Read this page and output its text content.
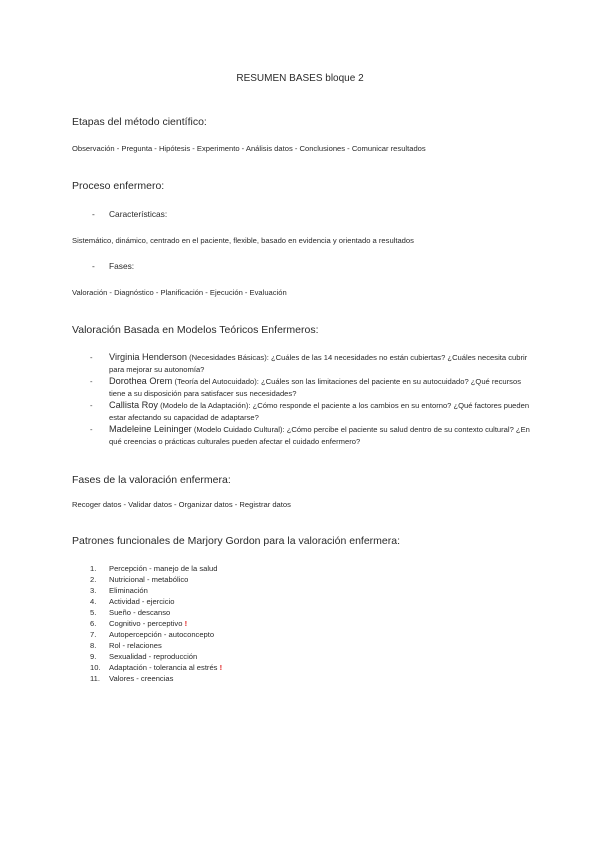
RESUMEN BASES bloque 2

Etapas del método científico:

Observación - Pregunta - Hipótesis - Experimento - Análisis datos - Conclusiones - Comunicar resultados

Proceso enfermero:

- Características:

Sistemático, dinámico, centrado en el paciente, flexible, basado en evidencia y orientado a resultados

- Fases:

Valoración - Diagnóstico - Planificación - Ejecución - Evaluación

Valoración Basada en Modelos Teóricos Enfermeros:

- Virginia Henderson (Necesidades Básicas): ¿Cuáles de las 14 necesidades no están cubiertas? ¿Cuáles necesita cubrir para mejorar su autonomía?
- Dorothea Orem (Teoría del Autocuidado): ¿Cuáles son las limitaciones del paciente en su autocuidado? ¿Qué recursos tiene a su disposición para satisfacer sus necesidades?
- Callista Roy (Modelo de la Adaptación): ¿Cómo responde el paciente a los cambios en su entorno? ¿Qué factores pueden estar afectando su capacidad de adaptarse?
- Madeleine Leininger (Modelo Cuidado Cultural): ¿Cómo percibe el paciente su salud dentro de su contexto cultural? ¿En qué creencias o prácticas culturales pueden afectar el cuidado enfermero?

Fases de la valoración enfermera:

Recoger datos - Validar datos - Organizar datos - Registrar datos

Patrones funcionales de Marjory Gordon para la valoración enfermera:

1. Percepción - manejo de la salud

2. Nutricional - metabólico

3. Eliminación

4. Actividad - ejercicio

5. Sueño - descanso

6. Cognitivo - perceptivo !

7. Autopercepción - autoconcepto

8. Rol - relaciones

9. Sexualidad - reproducción

10. Adaptación - tolerancia al estrés !

11. Valores - creencias
